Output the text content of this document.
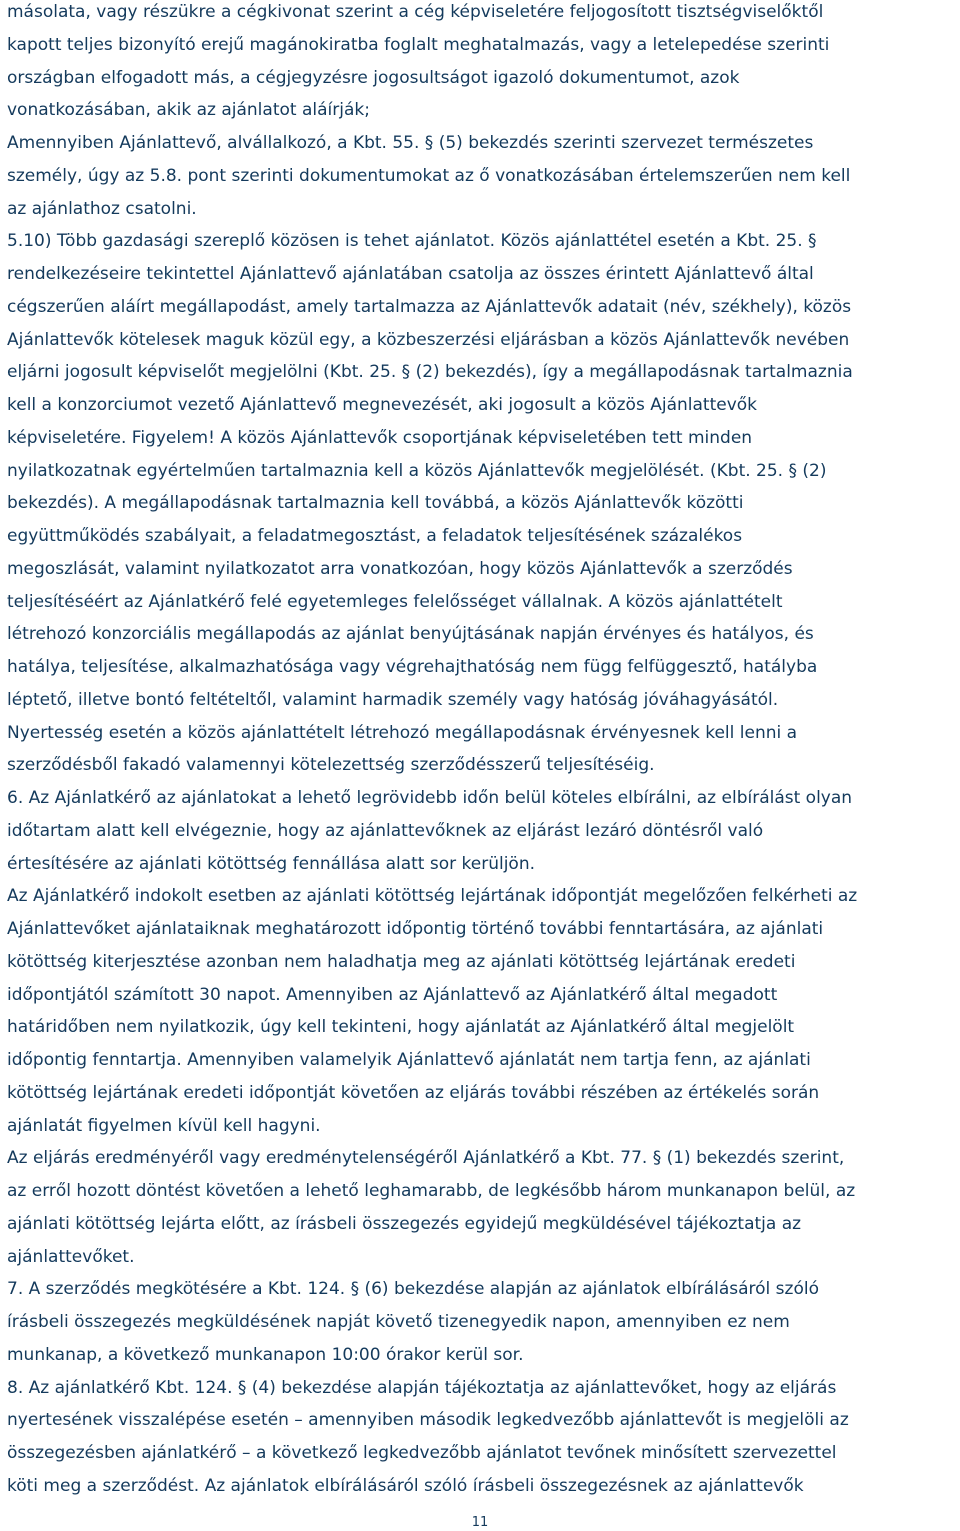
másolata, vagy részükre a cégkivonat szerint a cég képviseletére feljogosított tisztségviselőktől
kapott teljes bizonyító erejű magánokiratba foglalt meghatalmazás, vagy a letelepedése szerinti
országban elfogadott más, a cégjegyzésre jogosultságot igazoló dokumentumot, azok
vonatkozásában, akik az ajánlatot aláírják;
Amennyiben Ajánlattevő, alvállalkozó, a Kbt. 55. § (5) bekezdés szerinti szervezet természetes
személy, úgy az 5.8. pont szerinti dokumentumokat az ő vonatkozásában értelemszerűen nem kell
az ajánlathoz csatolni.
5.10) Több gazdasági szereplő közösen is tehet ajánlatot. Közös ajánlattétel esetén a Kbt. 25. §
rendelkezéseire tekintettel Ajánlattevő ajánlatában csatolja az összes érintett Ajánlattevő által
cégszerűen aláírt megállapodást, amely tartalmazza az Ajánlattevők adatait (név, székhely), közös
Ajánlattevők kötelesek maguk közül egy, a közbeszerzési eljárásban a közös Ajánlattevők nevében
eljárni jogosult képviselőt megjelölni (Kbt. 25. § (2) bekezdés), így a megállapodásnak tartalmaznia
kell a konzorciumot vezető Ajánlattevő megnevezését, aki jogosult a közös Ajánlattevők
képviseletére. Figyelem! A közös Ajánlattevők csoportjának képviseletében tett minden
nyilatkozatnak egyértelműen tartalmaznia kell a közös Ajánlattevők megjelölését. (Kbt. 25. § (2)
bekezdés). A megállapodásnak tartalmaznia kell továbbá, a közös Ajánlattevők közötti
együttműködés szabályait, a feladatmegosztást, a feladatok teljesítésének százalékos
megoszlását, valamint nyilatkozatot arra vonatkozóan, hogy közös Ajánlattevők a szerződés
teljesítéséért az Ajánlatkérő felé egyetemleges felelősséget vállalnak. A közös ajánlattételt
létrehozó konzorciális megállapodás az ajánlat benyújtásának napján érvényes és hatályos, és
hatálya, teljesítése, alkalmazhatósága vagy végrehajthatóság nem függ felfüggesztő, hatályba
léptető, illetve bontó feltételtől, valamint harmadik személy vagy hatóság jóváhagyásától.
Nyertesség esetén a közös ajánlattételt létrehozó megállapodásnak érvényesnek kell lenni a
szerződésből fakadó valamennyi kötelezettség szerződésszerű teljesítéséig.
6. Az Ajánlatkérő az ajánlatokat a lehető legrövidebb időn belül köteles elbírálni, az elbírálást olyan
időtartam alatt kell elvégeznie, hogy az ajánlattevőknek az eljárást lezáró döntésről való
értesítésére az ajánlati kötöttség fennállása alatt sor kerüljön.
Az Ajánlatkérő indokolt esetben az ajánlati kötöttség lejártának időpontját megelőzően felkérheti az
Ajánlattevőket ajánlataiknak meghatározott időpontig történő további fenntartására, az ajánlati
kötöttség kiterjesztése azonban nem haladhatja meg az ajánlati kötöttség lejártának eredeti
időpontjától számított 30 napot. Amennyiben az Ajánlattevő az Ajánlatkérő által megadott
határidőben nem nyilatkozik, úgy kell tekinteni, hogy ajánlatát az Ajánlatkérő által megjelölt
időpontig fenntartja. Amennyiben valamelyik Ajánlattevő ajánlatát nem tartja fenn, az ajánlati
kötöttség lejártának eredeti időpontját követően az eljárás további részében az értékelés során
ajánlatát figyelmen kívül kell hagyni.
Az eljárás eredményéről vagy eredménytelenségéről Ajánlatkérő a Kbt. 77. § (1) bekezdés szerint,
az erről hozott döntést követően a lehető leghamarabb, de legkésőbb három munkanapon belül, az
ajánlati kötöttség lejárta előtt, az írásbeli összegezés egyidejű megküldésével tájékoztatja az
ajánlattevőket.
7. A szerződés megkötésére a Kbt. 124. § (6) bekezdése alapján az ajánlatok elbírálásáról szóló
írásbeli összegezés megküldésének napját követő tizenegyedik napon, amennyiben ez nem
munkanap, a következő munkanapon 10:00 órakor kerül sor.
8. Az ajánlatkérő Kbt. 124. § (4) bekezdése alapján tájékoztatja az ajánlattevőket, hogy az eljárás
nyertesének visszalépése esetén – amennyiben második legkedvezőbb ajánlattevőt is megjelöli az
összegezésben ajánlatkérő – a következő legkedvezőbb ajánlatot tevőnek minősített szervezettel
köti meg a szerződést. Az ajánlatok elbírálásáról szóló írásbeli összegezésnek az ajánlattevők
11
